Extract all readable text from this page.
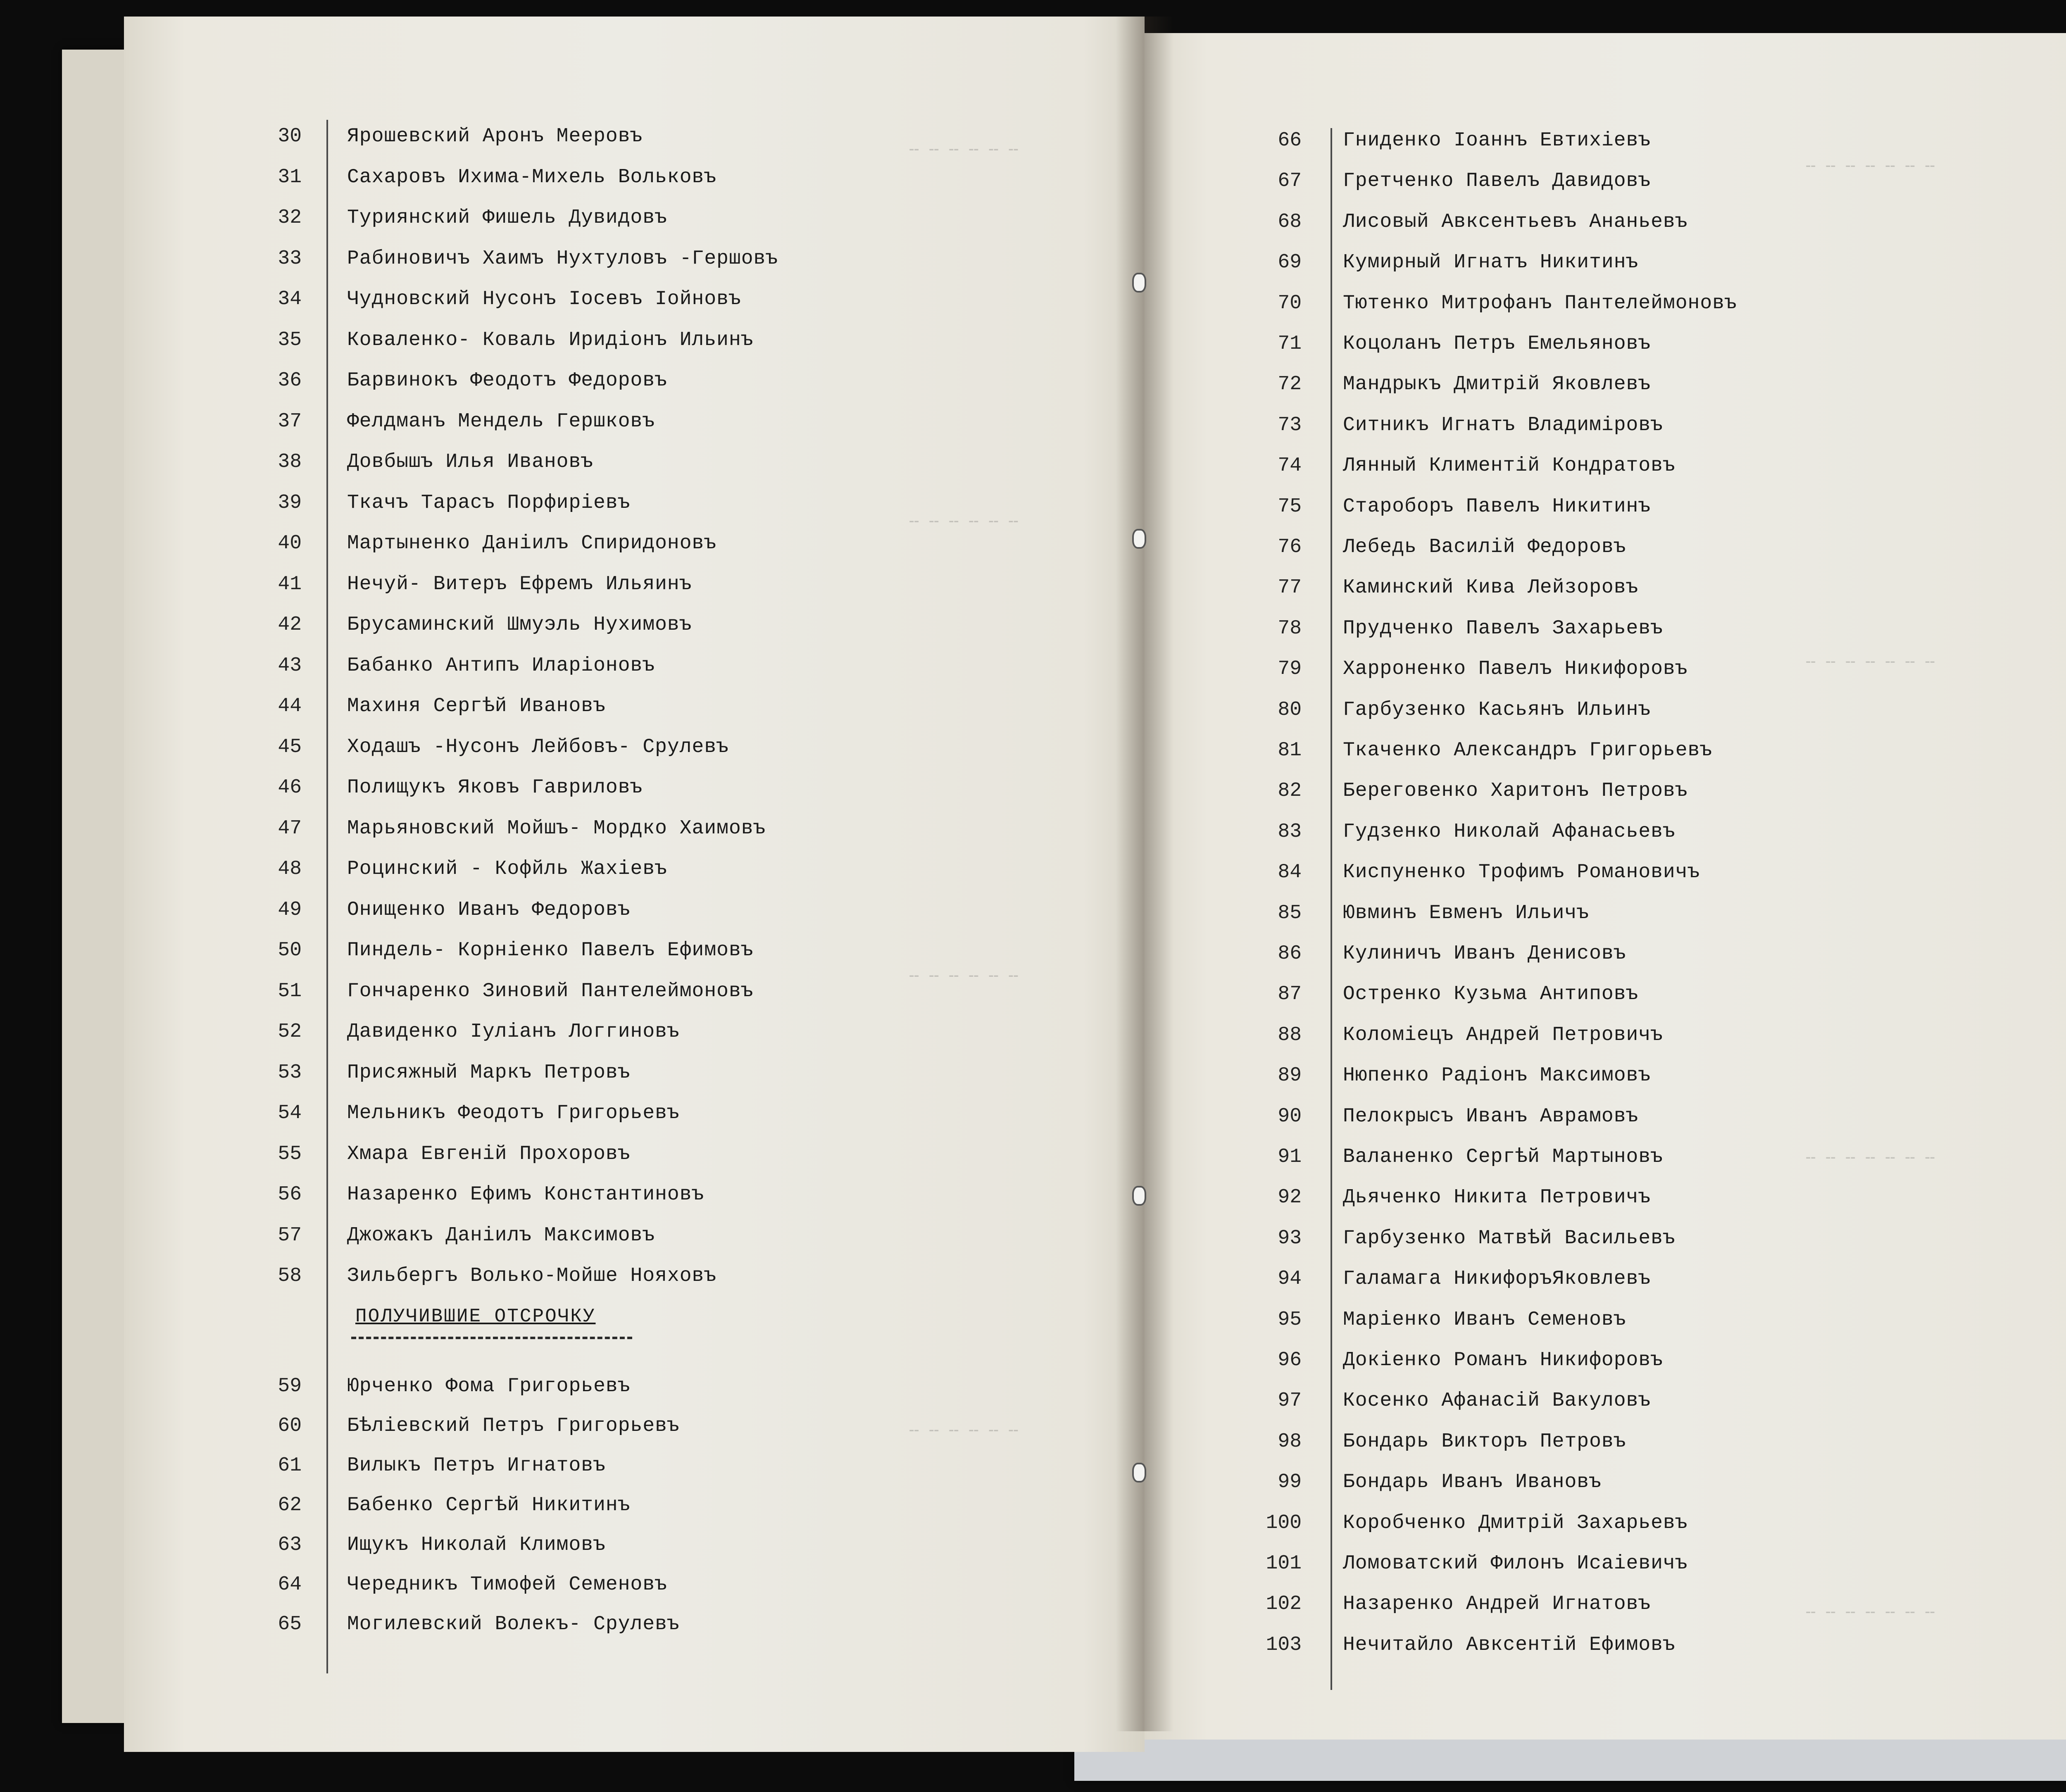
30 Ярошевский Аронъ Мееровъ
31 Сахаровъ Ихима-Михель Вольковъ
32 Туриянский Фишель Дувидовъ
33 Рабиновичъ Хаимъ Нухтуловъ -Гершовъ
34 Чудновский Нусонъ Iосевъ Iойновъ
35 Коваленко- Коваль Иридiонъ Ильинъ
36 Барвинокъ Феодотъ Федоровъ
37 Фелдманъ Мендель Гершковъ
38 Довбышъ Илья Ивановъ
39 Ткачъ Тарасъ Порфирiевъ
40 Мартыненко Данiилъ Спиридоновъ
41 Нечуй- Витеръ Ефремъ Ильяинъ
42 Брусаминский Шмуэль Нухимовъ
43 Бабанко Антипъ Иларiоновъ
44 Махиня Сергѣй Ивановъ
45 Ходашъ -Нусонъ Лейбовъ- Срулевъ
46 Полищукъ Яковъ Гавриловъ
47 Марьяновский Мойшъ- Мордко Хаимовъ
48 Роцинский - Кофйль Жахiевъ
49 Онищенко Иванъ Федоровъ
50 Пиндель- Корнiенко Павелъ Ефимовъ
51 Гончаренко Зиновий Пантелеймоновъ
52 Давиденко Iулiанъ Логгиновъ
53 Присяжный Маркъ Петровъ
54 Мельникъ Феодотъ Григорьевъ
55 Хмара Евгенiй Прохоровъ
56 Назаренко Ефимъ Константиновъ
57 Джожакъ Данiилъ Максимовъ
58 Зильбергъ Волько-Мойше Нояховъ
ПОЛУЧИВШИЕ ОТСРОЧКУ
59 Юрченко Фома Григорьевъ
60 Бѣлiевский Петръ Григорьевъ
61 Вилыкъ Петръ Игнатовъ
62 Бабенко Сергѣй Никитинъ
63 Ищукъ Николай Климовъ
64 Чередникъ Тимофей Семеновъ
65 Могилевский Волекъ- Срулевъ
╌ ╌ ╌ ╌ ╌ ╌
╌ ╌ ╌ ╌ ╌ ╌
╌ ╌ ╌ ╌ ╌ ╌
╌ ╌ ╌ ╌ ╌ ╌
66 Гниденко Iоаннъ Евтихiевъ
67 Гретченко Павелъ Давидовъ
68 Лисовый Авксентьевъ Ананьевъ
69 Кумирный Игнатъ Никитинъ
70 Тютенко Митрофанъ Пантелеймоновъ
71 Коцоланъ Петръ Емельяновъ
72 Мандрыкъ Дмитрiй Яковлевъ
73 Ситникъ Игнатъ Владимiровъ
74 Лянный Климентiй Кондратовъ
75 Староборъ Павелъ Никитинъ
76 Лебедь Василiй Федоровъ
77 Каминский Кива Лейзоровъ
78 Прудченко Павелъ Захарьевъ
79 Харроненко Павелъ Никифоровъ
80 Гарбузенко Касьянъ Ильинъ
81 Ткаченко Александръ Григорьевъ
82 Береговенко Харитонъ Петровъ
83 Гудзенко Николай Афанасьевъ
84 Киспуненко Трофимъ Романовичъ
85 Ювминъ Евменъ Ильичъ
86 Кулиничъ Иванъ Денисовъ
87 Остренко Кузьма Антиповъ
88 Коломiецъ Андрей Петровичъ
89 Нюпенко Радiонъ Максимовъ
90 Пелокрысъ Иванъ Аврамовъ
91 Валаненко Сергѣй Мартыновъ
92 Дьяченко Никита Петровичъ
93 Гарбузенко Матвѣй Васильевъ
94 Галамага НикифоръЯковлевъ
95 Марiенко Иванъ Семеновъ
96 Докiенко Романъ Никифоровъ
97 Косенко Афанасiй Вакуловъ
98 Бондарь Викторъ Петровъ
99 Бондарь Иванъ Ивановъ
100 Коробченко Дмитрiй Захарьевъ
101 Ломоватский Филонъ Исаiевичъ
102 Назаренко Андрей Игнатовъ
103 Нечитайло Авксентiй Ефимовъ
╌ ╌ ╌ ╌ ╌ ╌ ╌
╌ ╌ ╌ ╌ ╌ ╌ ╌
╌ ╌ ╌ ╌ ╌ ╌ ╌
╌ ╌ ╌ ╌ ╌ ╌ ╌
